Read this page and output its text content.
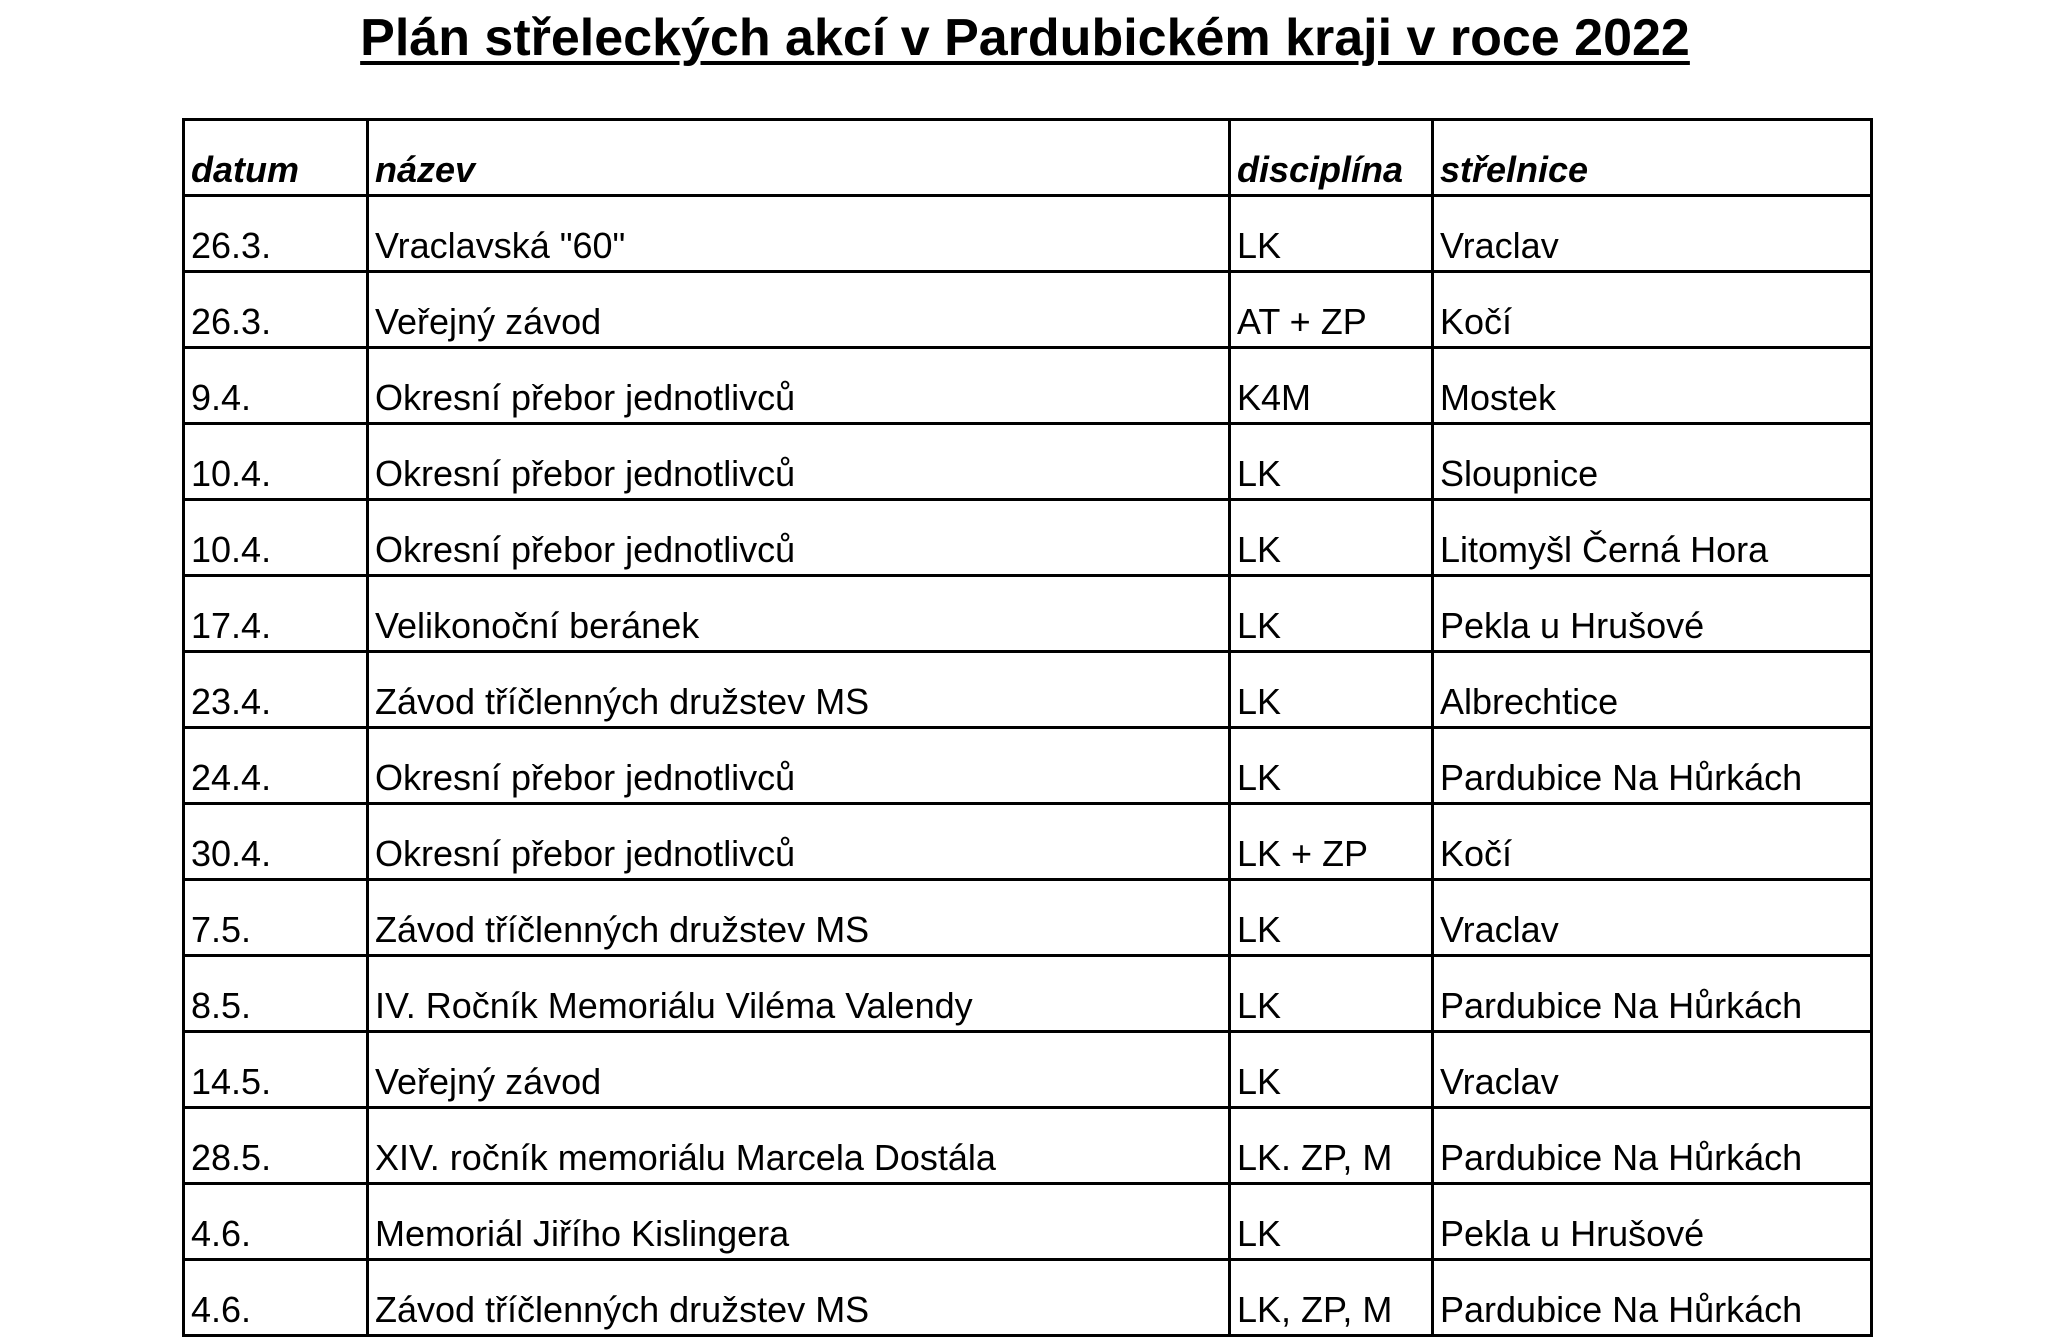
Plán střeleckých akcí v Pardubickém kraji v roce 2022
datum	název	disciplína	střelnice
26.3.	Vraclavská "60"	LK	Vraclav
26.3.	Veřejný závod	AT + ZP	Kočí
9.4.	Okresní přebor jednotlivců	K4M	Mostek
10.4.	Okresní přebor jednotlivců	LK	Sloupnice
10.4.	Okresní přebor jednotlivců	LK	Litomyšl Černá Hora
17.4.	Velikonoční beránek	LK	Pekla u Hrušové
23.4.	Závod tříčlenných družstev MS	LK	Albrechtice
24.4.	Okresní přebor jednotlivců	LK	Pardubice Na Hůrkách
30.4.	Okresní přebor jednotlivců	LK + ZP	Kočí
7.5.	Závod tříčlenných družstev MS	LK	Vraclav
8.5.	IV. Ročník Memoriálu Viléma Valendy	LK	Pardubice Na Hůrkách
14.5.	Veřejný závod	LK	Vraclav
28.5.	XIV. ročník memoriálu Marcela Dostála	LK. ZP, M	Pardubice Na Hůrkách
4.6.	Memoriál Jiřího Kislingera	LK	Pekla u Hrušové
4.6.	Závod tříčlenných družstev MS	LK, ZP, M	Pardubice Na Hůrkách
